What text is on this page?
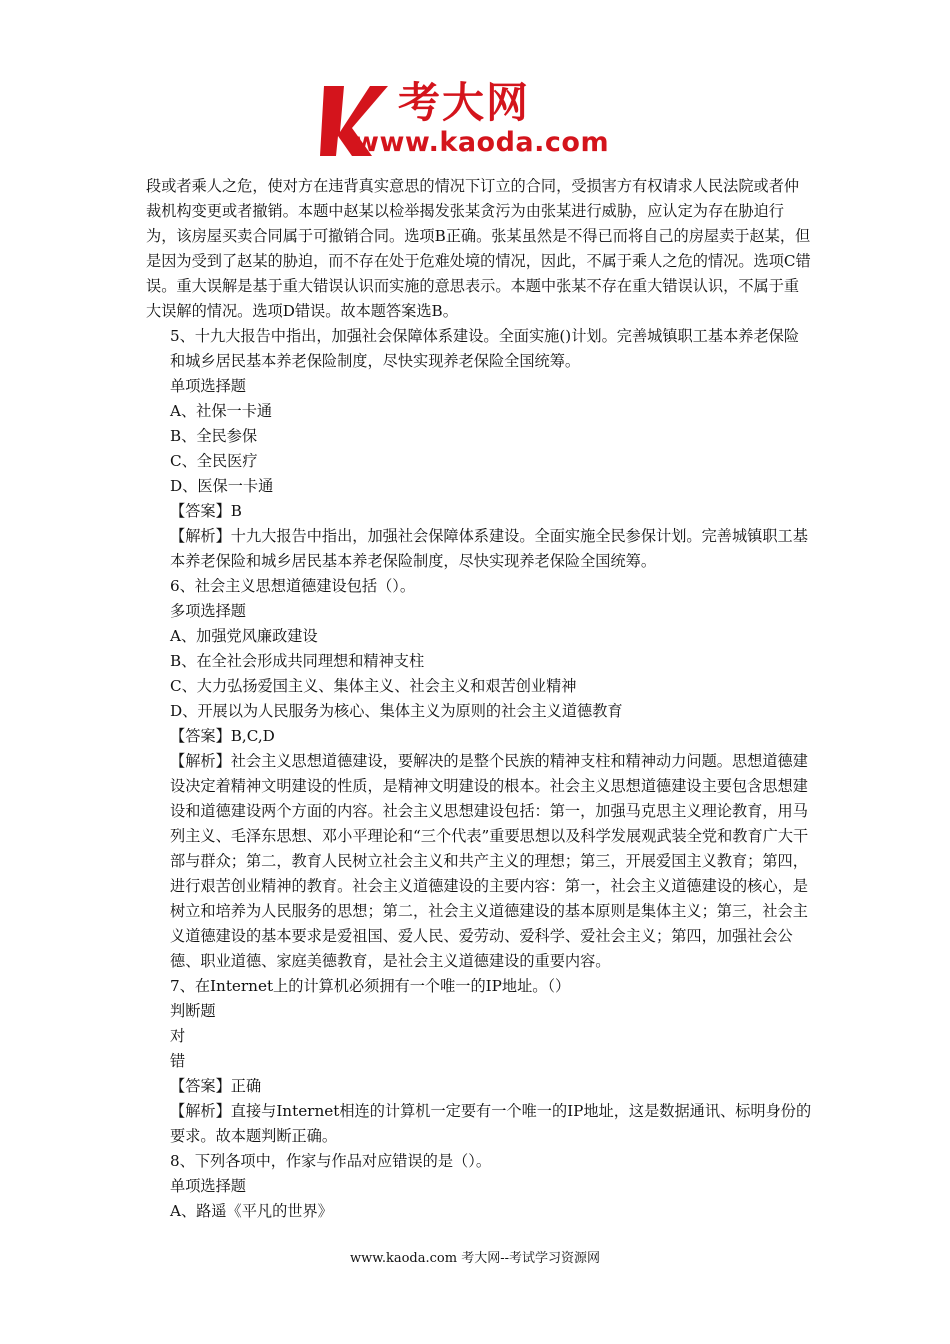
考大网
www.kaoda.com

段或者乘人之危，使对方在违背真实意思的情况下订立的合同，受损害方有权请求人民法院或者仲裁机构变更或者撤销。本题中赵某以检举揭发张某贪污为由张某进行威胁，应认定为存在胁迫行为，该房屋买卖合同属于可撤销合同。选项B正确。张某虽然是不得已而将自己的房屋卖于赵某，但是因为受到了赵某的胁迫，而不存在处于危难处境的情况，因此，不属于乘人之危的情况。选项C错误。重大误解是基于重大错误认识而实施的意思表示。本题中张某不存在重大错误认识，不属于重大误解的情况。选项D错误。故本题答案选B。

5、十九大报告中指出，加强社会保障体系建设。全面实施()计划。完善城镇职工基本养老保险和城乡居民基本养老保险制度，尽快实现养老保险全国统筹。

单项选择题

A、社保一卡通

B、全民参保

C、全民医疗

D、医保一卡通

【答案】B

【解析】十九大报告中指出，加强社会保障体系建设。全面实施全民参保计划。完善城镇职工基本养老保险和城乡居民基本养老保险制度，尽快实现养老保险全国统筹。

6、社会主义思想道德建设包括（）。

多项选择题

A、加强党风廉政建设

B、在全社会形成共同理想和精神支柱

C、大力弘扬爱国主义、集体主义、社会主义和艰苦创业精神

D、开展以为人民服务为核心、集体主义为原则的社会主义道德教育

【答案】B,C,D

【解析】社会主义思想道德建设，要解决的是整个民族的精神支柱和精神动力问题。思想道德建设决定着精神文明建设的性质，是精神文明建设的根本。社会主义思想道德建设主要包含思想建设和道德建设两个方面的内容。社会主义思想建设包括：第一，加强马克思主义理论教育，用马列主义、毛泽东思想、邓小平理论和“三个代表”重要思想以及科学发展观武装全党和教育广大干部与群众；第二，教育人民树立社会主义和共产主义的理想；第三，开展爱国主义教育；第四，进行艰苦创业精神的教育。社会主义道德建设的主要内容：第一，社会主义道德建设的核心，是树立和培养为人民服务的思想；第二，社会主义道德建设的基本原则是集体主义；第三，社会主义道德建设的基本要求是爱祖国、爱人民、爱劳动、爱科学、爱社会主义；第四，加强社会公德、职业道德、家庭美德教育，是社会主义道德建设的重要内容。

7、在Internet上的计算机必须拥有一个唯一的IP地址。（）

判断题

对

错

【答案】正确

【解析】直接与Internet相连的计算机一定要有一个唯一的IP地址，这是数据通讯、标明身份的要求。故本题判断正确。

8、下列各项中，作家与作品对应错误的是（）。

单项选择题

A、路遥《平凡的世界》

www.kaoda.com 考大网--考试学习资源网
